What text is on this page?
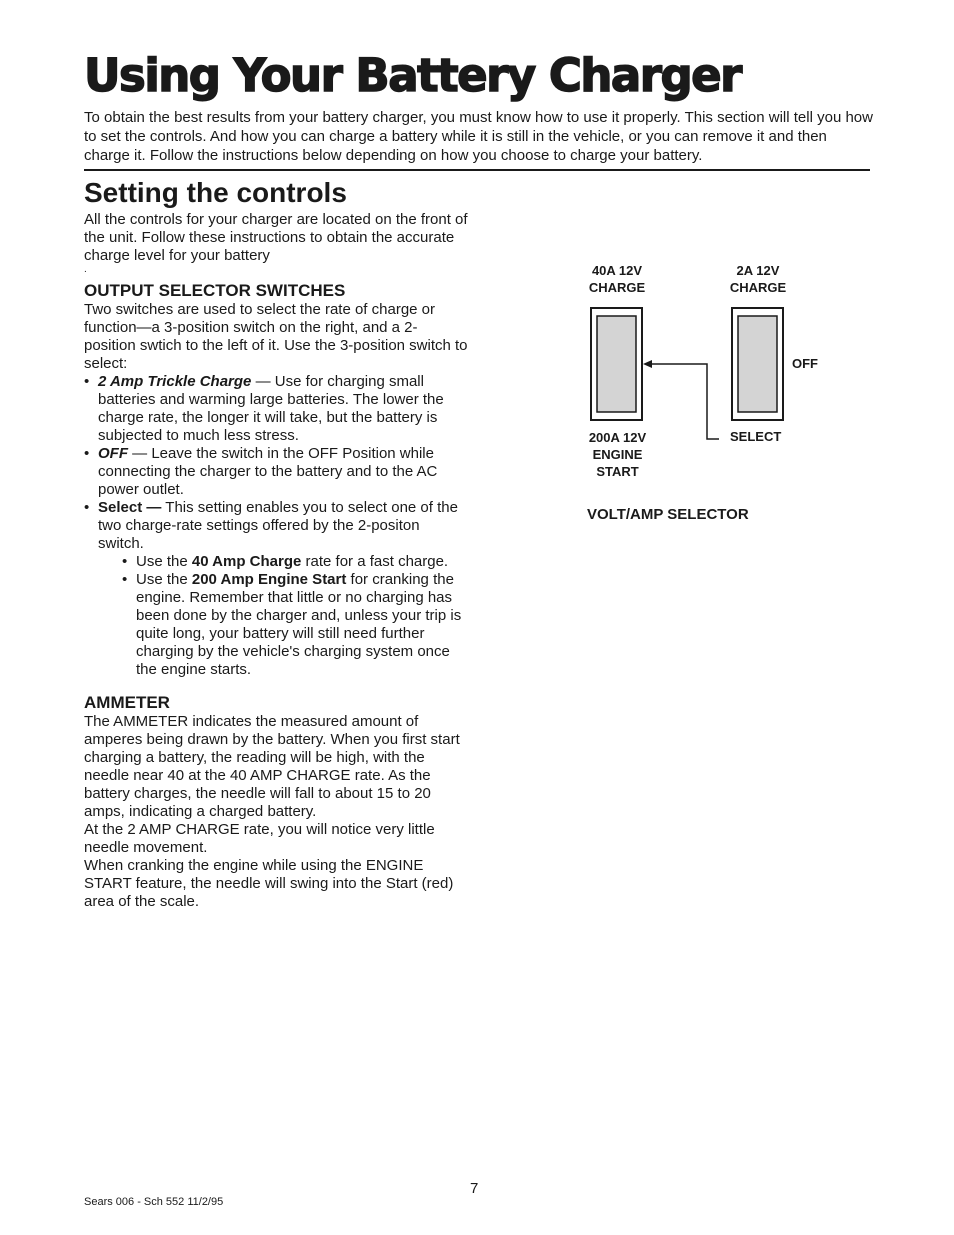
Using Your Battery Charger

To obtain the best results from your battery charger, you must know how to use it properly. This section will tell you how to set the controls. And how you can charge a battery while it is still in the vehicle, or you can remove it and then charge it. Follow the instructions below depending on how you choose to charge your battery.

Setting the controls

All the controls for your charger are located on the front of the unit. Follow these instructions to obtain the accurate charge level for your battery

.

OUTPUT SELECTOR SWITCHES

Two switches are used to select the rate of charge or function—a 3-position switch on the right, and a 2-position swtich to the left of it. Use the 3-position switch to select:

• 2 Amp Trickle Charge — Use for charging small batteries and warming large batteries. The lower the charge rate, the longer it will take, but the battery is subjected to much less stress.
• OFF — Leave the switch in the OFF Position while connecting the charger to the battery and to the AC power outlet.
• Select — This setting enables you to select one of the two charge-rate settings offered by the 2-positon switch.
• Use the 40 Amp Charge rate for a fast charge.
• Use the 200 Amp Engine Start for cranking the engine. Remember that little or no charging has been done by the charger and, unless your trip is quite long, your battery will still need further charging by the vehicle's charging system once the engine starts.
AMMETER

The AMMETER indicates the measured amount of amperes being drawn by the battery. When you first start charging a battery, the reading will be high, with the needle near 40 at the 40 AMP CHARGE rate. As the battery charges, the needle will fall to about 15 to 20 amps, indicating a charged battery.

At the 2 AMP CHARGE rate, you will notice very little needle movement.

When cranking the engine while using the ENGINE START feature, the needle will swing into the Start (red) area of the scale.

40A 12V
CHARGE
2A 12V
CHARGE
OFF
200A 12V
ENGINE
START
SELECT
VOLT/AMP SELECTOR
7
Sears 006 - Sch 552 11/2/95
